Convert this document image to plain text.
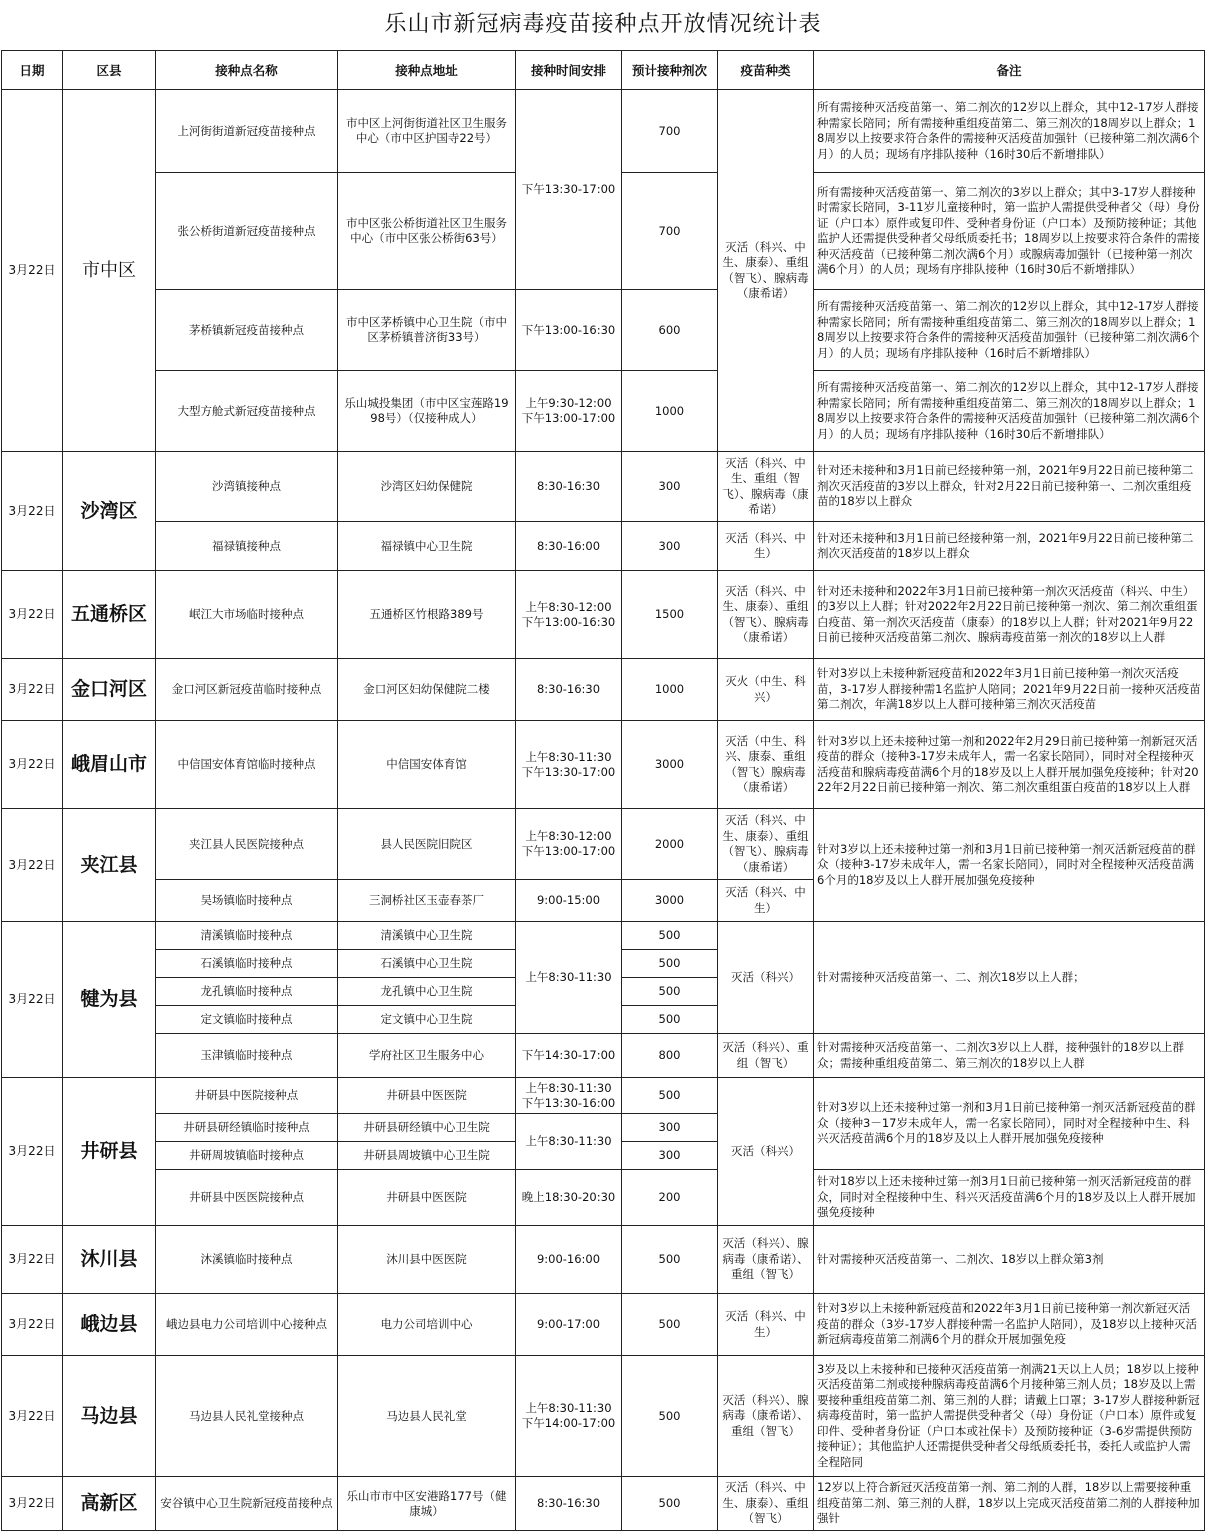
乐山市新冠病毒疫苗接种点开放情况统计表
日期	区县	接种点名称	接种点地址	接种时间安排	预计接种剂次	疫苗种类	备注
3月22日	市中区	上河街街道新冠疫苗接种点	市中区上河街街道社区卫生服务中心（市中区护国寺22号）	下午13:30-17:00	700	灭活（科兴、中生、康泰）、重组（智飞）、腺病毒（康希诺）	所有需接种灭活疫苗第一、第二剂次的12岁以上群众，其中12-17岁人群接种需家长陪同；所有需接种重组疫苗第二、第三剂次的18周岁以上群众；18周岁以上按要求符合条件的需接种灭活疫苗加强针（已接种第二剂次满6个月）的人员；现场有序排队接种（16时30后不新增排队）
		张公桥街道新冠疫苗接种点	市中区张公桥街道社区卫生服务中心（市中区张公桥街63号）		700		所有需接种灭活疫苗第一、第二剂次的3岁以上群众；其中3-17岁人群接种时需家长陪同，3-11岁儿童接种时，第一监护人需提供受种者父（母）身份证（户口本）原件或复印件、受种者身份证（户口本）及预防接种证；其他监护人还需提供受种者父母纸质委托书；18周岁以上按要求符合条件的需接种灭活疫苗（已接种第二剂次满6个月）或腺病毒加强针（已接种第一剂次满6个月）的人员；现场有序排队接种（16时30后不新增排队）
		茅桥镇新冠疫苗接种点	市中区茅桥镇中心卫生院（市中区茅桥镇普济街33号）	下午13:00-16:30	600		所有需接种灭活疫苗第一、第二剂次的12岁以上群众，其中12-17岁人群接种需家长陪同；所有需接种重组疫苗第二、第三剂次的18周岁以上群众；18周岁以上按要求符合条件的需接种灭活疫苗加强针（已接种第二剂次满6个月）的人员；现场有序排队接种（16时后不新增排队）
		大型方舱式新冠疫苗接种点	乐山城投集团（市中区宝莲路1998号）（仅接种成人）	上午9:30-12:00 下午13:00-17:00	1000		所有需接种灭活疫苗第一、第二剂次的12岁以上群众，其中12-17岁人群接种需家长陪同；所有需接种重组疫苗第二、第三剂次的18周岁以上群众；18周岁以上按要求符合条件的需接种灭活疫苗加强针（已接种第二剂次满6个月）的人员；现场有序排队接种（16时30后不新增排队）
3月22日	沙湾区	沙湾镇接种点	沙湾区妇幼保健院	8:30-16:30	300	灭活（科兴、中生、重组（智飞）、腺病毒（康希诺）	针对还未接种和3月1日前已经接种第一剂，2021年9月22日前已接种第二剂次灭活疫苗的3岁以上群众，针对2月22日前已接种第一、二剂次重组疫苗的18岁以上群众
		福禄镇接种点	福禄镇中心卫生院	8:30-16:00	300	灭活（科兴、中生）	针对还未接种和3月1日前已经接种第一剂，2021年9月22日前已接种第二剂次灭活疫苗的18岁以上群众
3月22日	五通桥区	岷江大市场临时接种点	五通桥区竹根路389号	上午8:30-12:00 下午13:00-16:30	1500	灭活（科兴、中生、康泰）、重组（智飞）、腺病毒（康希诺）	针对还未接种和2022年3月1日前已接种第一剂次灭活疫苗（科兴、中生）的3岁以上人群；针对2022年2月22日前已接种第一剂次、第二剂次重组蛋白疫苗、第一剂次灭活疫苗（康泰）的18岁以上人群；针对2021年9月22日前已接种灭活疫苗第二剂次、腺病毒疫苗第一剂次的18岁以上人群
3月22日	金口河区	金口河区新冠疫苗临时接种点	金口河区妇幼保健院二楼	8:30-16:30	1000	灭火（中生、科兴）	针对3岁以上未接种新冠疫苗和2022年3月1日前已接种第一剂次灭活疫苗，3-17岁人群接种需1名监护人陪同；2021年9月22日前一接种灭活疫苗第二剂次，年满18岁以上人群可接种第三剂次灭活疫苗
3月22日	峨眉山市	中信国安体育馆临时接种点	中信国安体育馆	上午8:30-11:30 下午13:30-17:00	3000	灭活（中生、科兴、康泰、重组（智飞）腺病毒（康希诺）	针对3岁以上还未接种过第一剂和2022年2月29日前已接种第一剂新冠灭活疫苗的群众（接种3-17岁未成年人，需一名家长陪同），同时对全程接种灭活疫苗和腺病毒疫苗满6个月的18岁及以上人群开展加强免疫接种；针对2022年2月22日前已接种第一剂次、第二剂次重组蛋白疫苗的18岁以上人群
3月22日	夹江县	夹江县人民医院接种点	县人民医院旧院区	上午8:30-12:00 下午13:00-17:00	2000	灭活（科兴、中生、康泰）、重组（智飞）、腺病毒（康希诺）	针对3岁以上还未接种过第一剂和3月1日前已接种第一剂灭活新冠疫苗的群众（接种3-17岁未成年人，需一名家长陪同），同时对全程接种灭活疫苗满6个月的18岁及以上人群开展加强免疫接种
		吴场镇临时接种点	三洞桥社区玉壶春茶厂	9:00-15:00	3000	灭活（科兴、中生）	
3月22日	犍为县	清溪镇临时接种点	清溪镇中心卫生院	上午8:30-11:30	500	灭活（科兴）	针对需接种灭活疫苗第一、二、剂次18岁以上人群；
		石溪镇临时接种点	石溪镇中心卫生院		500		
		龙孔镇临时接种点	龙孔镇中心卫生院		500		
		定文镇临时接种点	定文镇中心卫生院		500		
		玉津镇临时接种点	学府社区卫生服务中心	下午14:30-17:00	800	灭活（科兴）、重组（智飞）	针对需接种灭活疫苗第一、二剂次3岁以上人群，接种强针的18岁以上群众；需接种重组疫苗第二、第三剂次的18岁以上人群
3月22日	井研县	井研县中医院接种点	井研县中医医院	上午8:30-11:30 下午13:30-16:00	500	灭活（科兴）	针对3岁以上还未接种过第一剂和3月1日前已接种第一剂灭活新冠疫苗的群众（接种3－17岁未成年人，需一名家长陪同），同时对全程接种中生、科兴灭活疫苗满6个月的18岁及以上人群开展加强免疫接种
		井研县研经镇临时接种点	井研县研经镇中心卫生院	上午8:30-11:30	300		
		井研周坡镇临时接种点	井研县周坡镇中心卫生院		300		
		井研县中医医院接种点	井研县中医医院	晚上18:30-20:30	200		针对18岁以上还未接种过第一剂3月1日前已接种第一剂灭活新冠疫苗的群众，同时对全程接种中生、科兴灭活疫苗满6个月的18岁及以上人群开展加强免疫接种
3月22日	沐川县	沐溪镇临时接种点	沐川县中医医院	9:00-16:00	500	灭活（科兴）、腺病毒（康希诺）、重组（智飞）	针对需接种灭活疫苗第一、二剂次、18岁以上群众第3剂
3月22日	峨边县	峨边县电力公司培训中心接种点	电力公司培训中心	9:00-17:00	500	灭活（科兴、中生）	针对3岁以上未接种新冠疫苗和2022年3月1日前已接种第一剂次新冠灭活疫苗的群众（3岁-17岁人群接种需一名监护人陪同），及18岁以上接种灭活新冠病毒疫苗第二剂满6个月的群众开展加强免疫
3月22日	马边县	马边县人民礼堂接种点	马边县人民礼堂	上午8:30-11:30 下午14:00-17:00	500	灭活（科兴）、腺病毒（康希诺）、重组（智飞）	3岁及以上未接种和已接种灭活疫苗第一剂满21天以上人员；18岁以上接种灭活疫苗第二剂或接种腺病毒疫苗满6个月接种第三剂人员；18岁及以上需要接种重组疫苗第二剂、第三剂的人群；请戴上口罩；3-17岁人群接种新冠病毒疫苗时，第一监护人需提供受种者父（母）身份证（户口本）原件或复印件、受种者身份证（户口本或社保卡）及预防接种证（3-6岁需提供预防接种证）；其他监护人还需提供受种者父母纸质委托书，委托人或监护人需全程陪同
3月22日	高新区	安谷镇中心卫生院新冠疫苗接种点	乐山市市中区安港路177号（健康城）	8:30-16:30	500	灭活（科兴、中生、康泰）、重组（智飞）	12岁以上符合新冠灭活疫苗第一剂、第二剂的人群，18岁以上需要接种重组疫苗第二剂、第三剂的人群，18岁以上完成灭活疫苗第二剂的人群接种加强针
